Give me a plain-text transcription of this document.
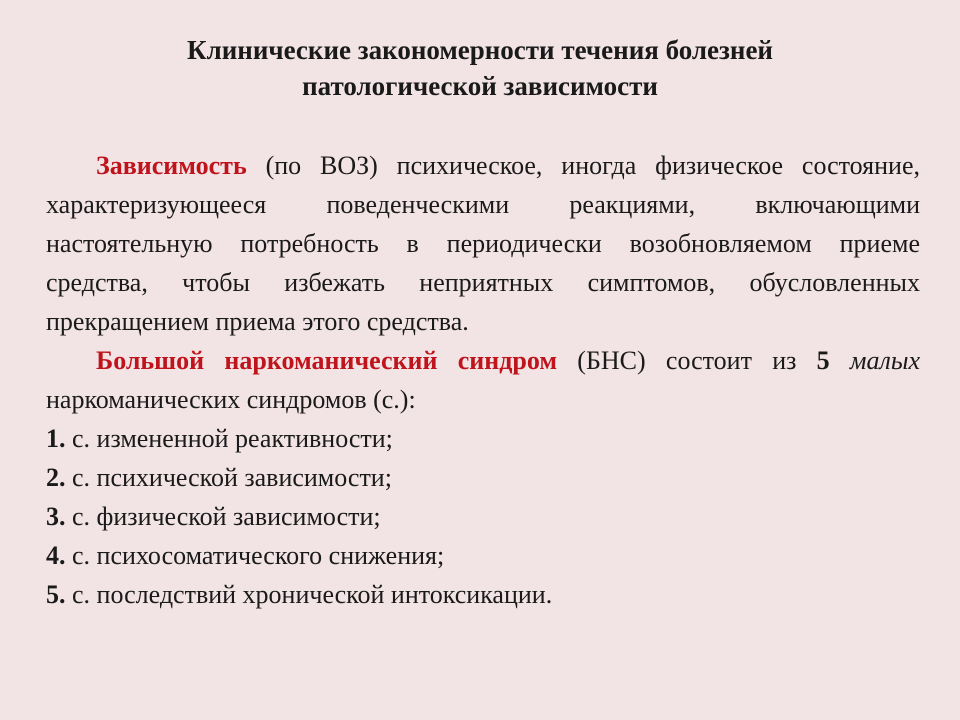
Клинические закономерности течения болезней
патологической зависимости

Зависимость (по ВОЗ) психическое, иногда физическое состояние, характеризующееся поведенческими реакциями, включающими настоятельную потребность в периодически возобновляемом приеме средства, чтобы избежать неприятных симптомов, обусловленных прекращением приема этого средства.

Большой наркоманический синдром (БНС) состоит из 5 малых наркоманических синдромов (с.):

1. с. измененной реактивности;
2. с. психической зависимости;
3. с. физической зависимости;
4. с. психосоматического снижения;
5. с. последствий хронической интоксикации.
